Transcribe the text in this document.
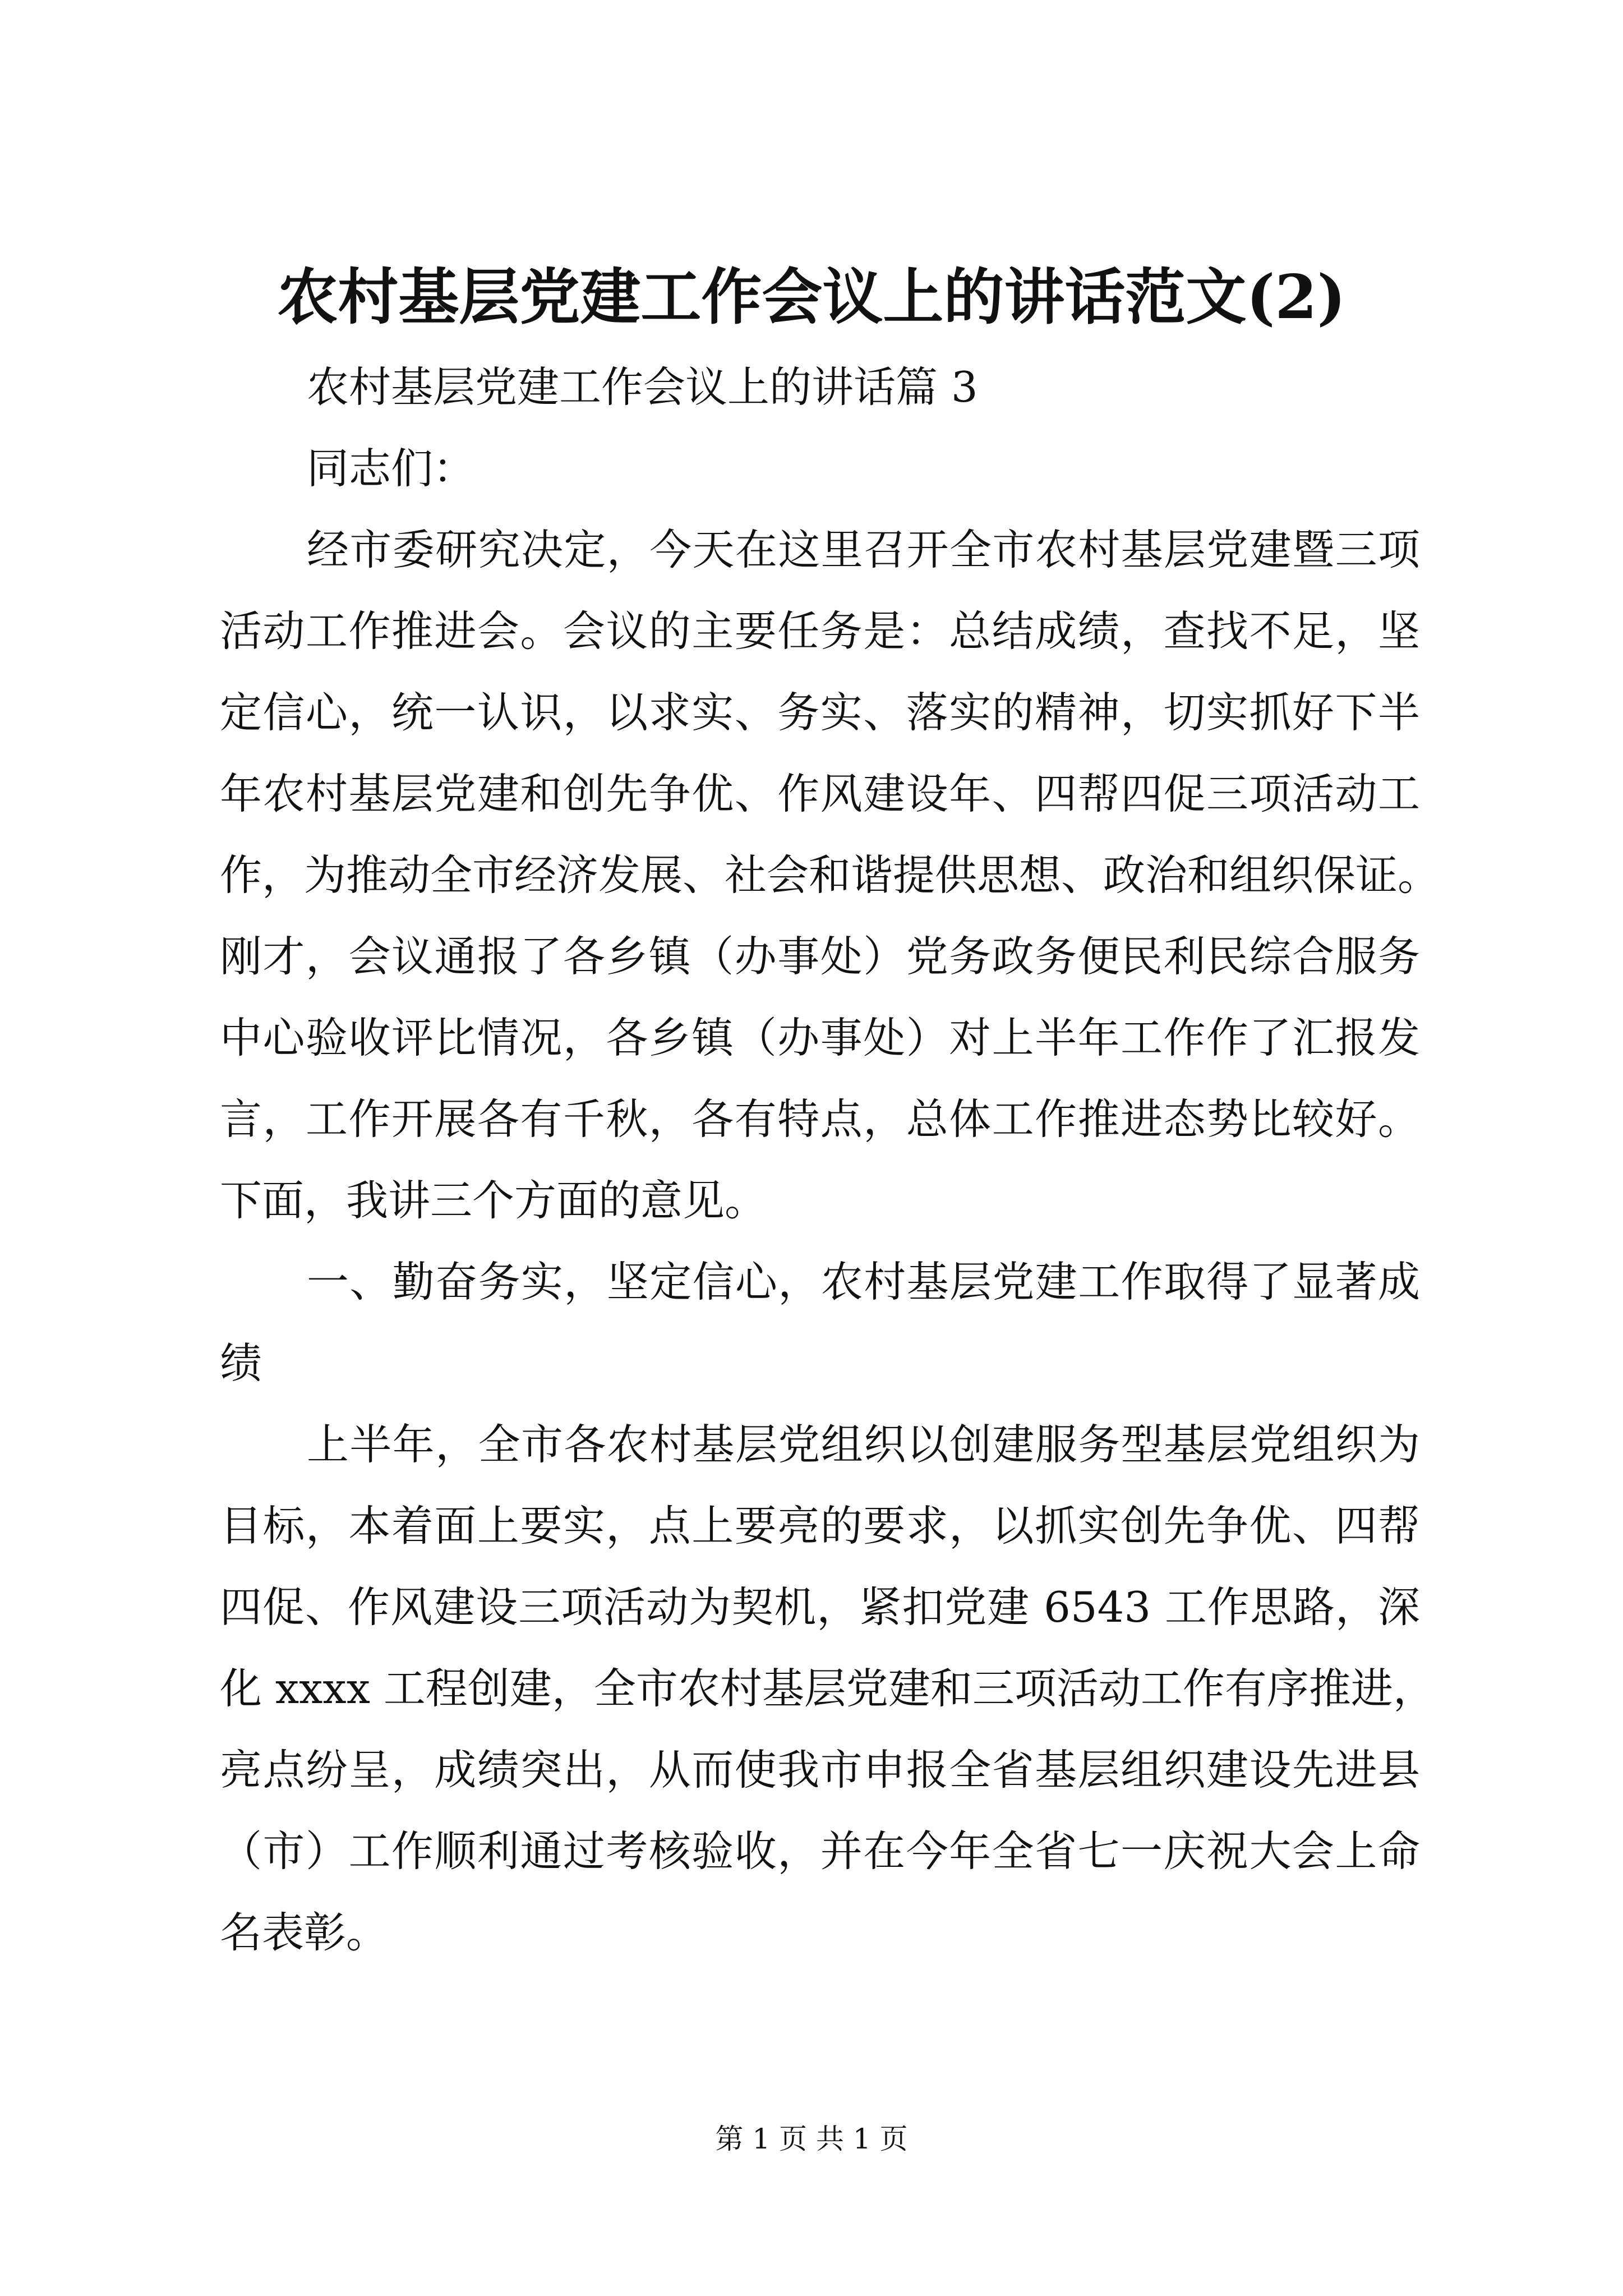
农村基层党建工作会议上的讲话范文(2)
农村基层党建工作会议上的讲话篇 3
同志们：
经市委研究决定，今天在这里召开全市农村基层党建暨三项
活动工作推进会。会议的主要任务是：总结成绩，查找不足，坚
定信心，统一认识，以求实、务实、落实的精神，切实抓好下半
年农村基层党建和创先争优、作风建设年、四帮四促三项活动工
作，为推动全市经济发展、社会和谐提供思想、政治和组织保证。
刚才，会议通报了各乡镇（办事处）党务政务便民利民综合服务
中心验收评比情况，各乡镇（办事处）对上半年工作作了汇报发
言，工作开展各有千秋，各有特点，总体工作推进态势比较好。
下面，我讲三个方面的意见。
一、勤奋务实，坚定信心，农村基层党建工作取得了显著成
绩
上半年，全市各农村基层党组织以创建服务型基层党组织为
目标，本着面上要实，点上要亮的要求，以抓实创先争优、四帮
四促、作风建设三项活动为契机，紧扣党建 6543 工作思路，深
化 xxxx 工程创建，全市农村基层党建和三项活动工作有序推进，
亮点纷呈，成绩突出，从而使我市申报全省基层组织建设先进县
（市）工作顺利通过考核验收，并在今年全省七一庆祝大会上命
名表彰。
第 1 页 共 1 页
